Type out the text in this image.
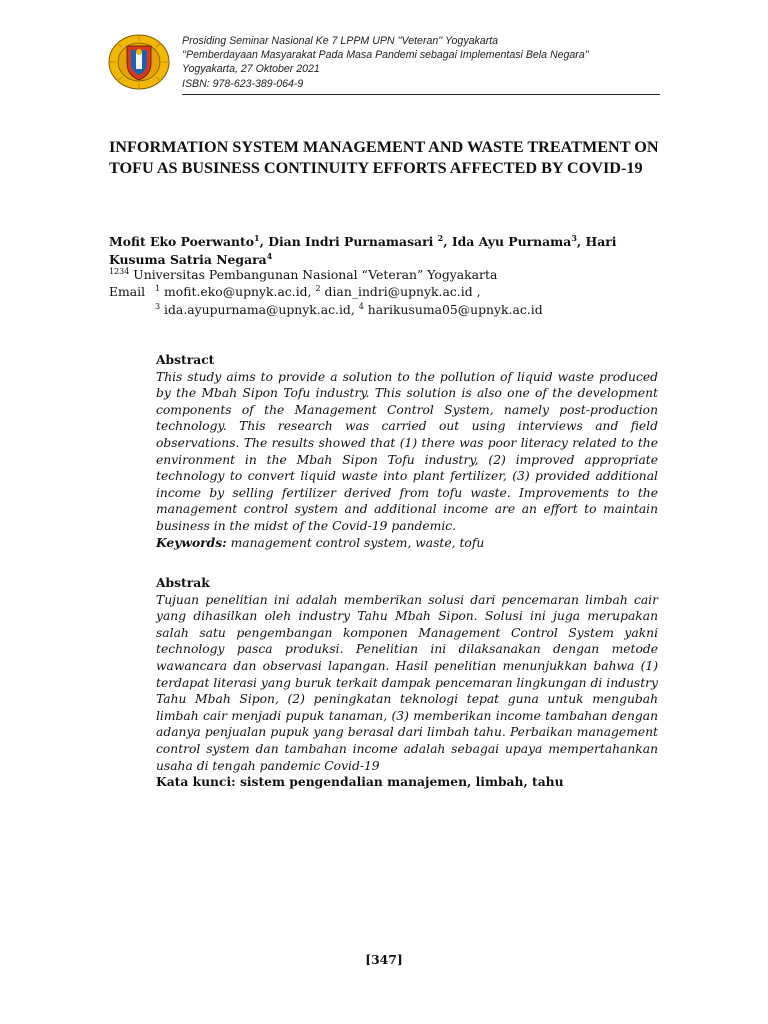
Prosiding Seminar Nasional Ke 7 LPPM UPN ''Veteran'' Yogyakarta
''Pemberdayaan Masyarakat Pada Masa Pandemi sebagai Implementasi Bela Negara''
Yogyakarta, 27 Oktober 2021
ISBN: 978-623-389-064-9
INFORMATION SYSTEM MANAGEMENT AND WASTE TREATMENT ON TOFU AS BUSINESS CONTINUITY EFFORTS AFFECTED BY COVID-19
Mofit Eko Poerwanto$^1$, Dian Indri Purnamasari $^2$, Ida Ayu Purnama$^3$, Hari Kusuma Satria Negara$^4$
$^{1234}$ Universitas Pembangunan Nasional “Veteran” Yogyakarta
Email $^1$ mofit.eko@upnyk.ac.id, $^2$ dian_indri@upnyk.ac.id ,
$^3$ ida.ayupurnama@upnyk.ac.id, $^4$ harikusuma05@upnyk.ac.id
Abstract
This study aims to provide a solution to the pollution of liquid waste produced by the Mbah Sipon Tofu industry. This solution is also one of the development components of the Management Control System, namely post-production technology. This research was carried out using interviews and field observations. The results showed that (1) there was poor literacy related to the environment in the Mbah Sipon Tofu industry, (2) improved appropriate technology to convert liquid waste into plant fertilizer, (3) provided additional income by selling fertilizer derived from tofu waste. Improvements to the management control system and additional income are an effort to maintain business in the midst of the Covid-19 pandemic.
Keywords: management control system, waste, tofu
Abstrak
Tujuan penelitian ini adalah memberikan solusi dari pencemaran limbah cair yang dihasilkan oleh industry Tahu Mbah Sipon. Solusi ini juga merupakan salah satu pengembangan komponen Management Control System yakni technology pasca produksi. Penelitian ini dilaksanakan dengan metode wawancara dan observasi lapangan. Hasil penelitian menunjukkan bahwa (1) terdapat literasi yang buruk terkait dampak pencemaran lingkungan di industry Tahu Mbah Sipon, (2) peningkatan teknologi tepat guna untuk mengubah limbah cair menjadi pupuk tanaman, (3) memberikan income tambahan dengan adanya penjualan pupuk yang berasal dari limbah tahu. Perbaikan management control system dan tambahan income adalah sebagai upaya mempertahankan usaha di tengah pandemic Covid-19
Kata kunci: sistem pengendalian manajemen, limbah, tahu
[347]
